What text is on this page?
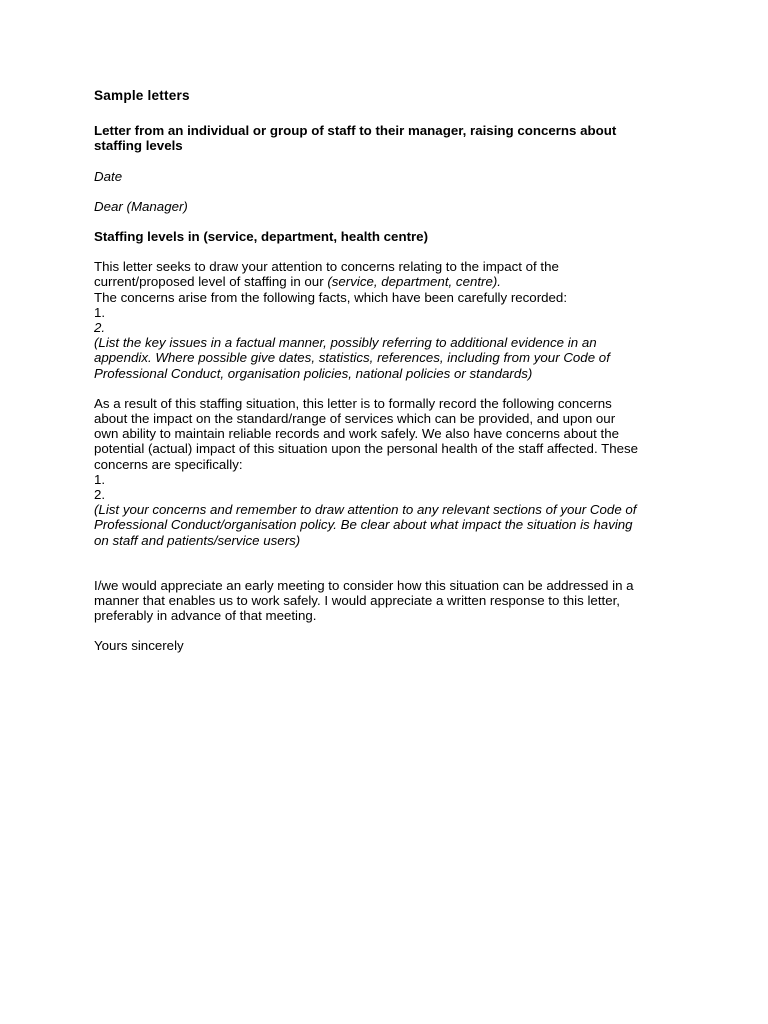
Sample letters
Letter from an individual or group of staff to their manager, raising concerns about
staffing levels
Date
Dear (Manager)
Staffing levels in (service, department, health centre)
This letter seeks to draw your attention to concerns relating to the impact of the
current/proposed level of staffing in our (service, department, centre).
The concerns arise from the following facts, which have been carefully recorded:
1.
2.
(List the key issues in a factual manner, possibly referring to additional evidence in an
appendix. Where possible give dates, statistics, references, including from your Code of
Professional Conduct, organisation policies, national policies or standards)
As a result of this staffing situation, this letter is to formally record the following concerns
about the impact on the standard/range of services which can be provided, and upon our
own ability to maintain reliable records and work safely. We also have concerns about the
potential (actual) impact of this situation upon the personal health of the staff affected. These
concerns are specifically:
1.
2.
(List your concerns and remember to draw attention to any relevant sections of your Code of
Professional Conduct/organisation policy. Be clear about what impact the situation is having
on staff and patients/service users)
I/we would appreciate an early meeting to consider how this situation can be addressed in a
manner that enables us to work safely. I would appreciate a written response to this letter,
preferably in advance of that meeting.
Yours sincerely
